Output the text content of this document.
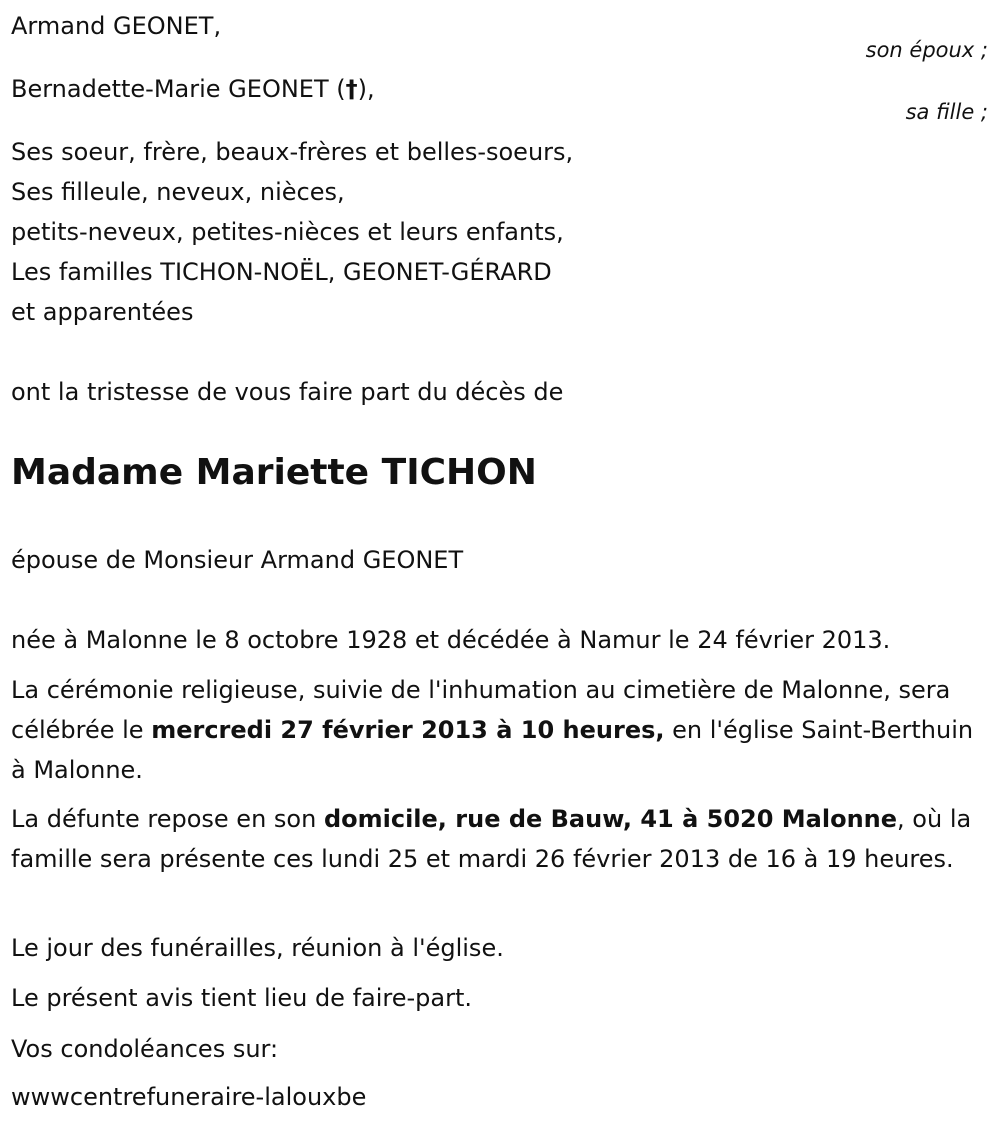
Armand GEONET,
son époux ;
Bernadette-Marie GEONET (†),
sa fille ;
Ses soeur, frère, beaux-frères et belles-soeurs,
Ses filleule, neveux, nièces,
petits-neveux, petites-nièces et leurs enfants,
Les familles TICHON-NOËL, GEONET-GÉRARD
et apparentées
ont la tristesse de vous faire part du décès de
Madame Mariette TICHON
épouse de Monsieur Armand GEONET
née à Malonne le 8 octobre 1928 et décédée à Namur le 24 février 2013.
La cérémonie religieuse, suivie de l'inhumation au cimetière de Malonne, sera célébrée le mercredi 27 février 2013 à 10 heures, en l'église Saint-Berthuin à Malonne.
La défunte repose en son domicile, rue de Bauw, 41 à 5020 Malonne, où la famille sera présente ces lundi 25 et mardi 26 février 2013 de 16 à 19 heures.
Le jour des funérailles, réunion à l'église.
Le présent avis tient lieu de faire-part.
Vos condoléances sur:
wwwcentrefuneraire-lalouxbe
